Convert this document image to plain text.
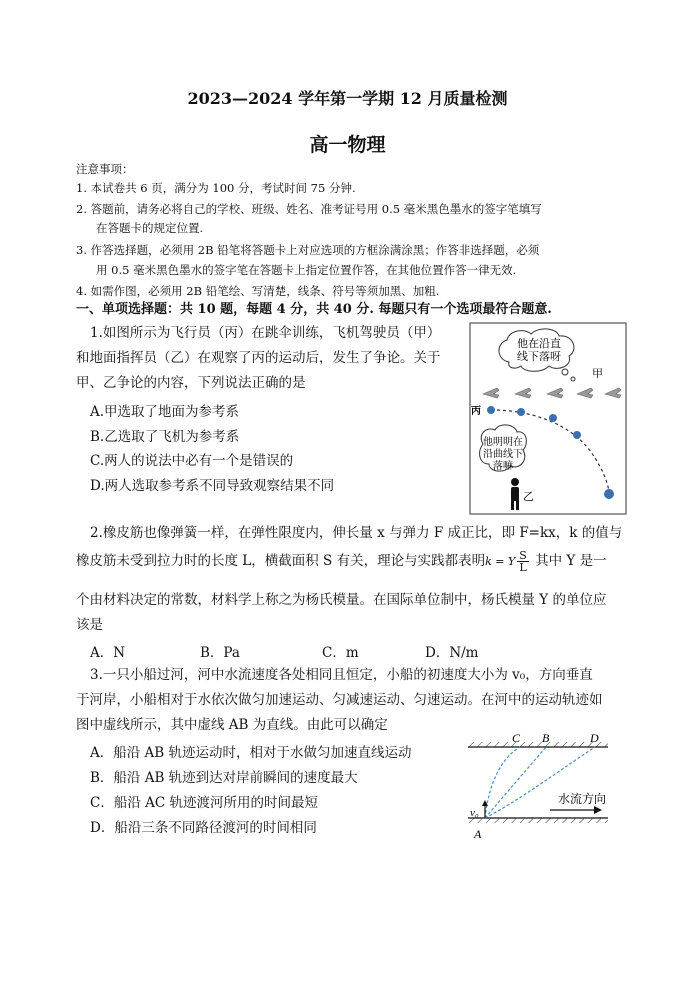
2023—2024 学年第一学期 12 月质量检测
高一物理
注意事项：
1. 本试卷共 6 页，满分为 100 分，考试时间 75 分钟.
2. 答题前，请务必将自己的学校、班级、姓名、准考证号用 0.5 毫米黑色墨水的签字笔填写
在答题卡的规定位置.
3. 作答选择题，必须用 2B 铅笔将答题卡上对应选项的方框涂满涂黑；作答非选择题，必须
用 0.5 毫米黑色墨水的签字笔在答题卡上指定位置作答，在其他位置作答一律无效.
4. 如需作图，必须用 2B 铅笔绘、写清楚，线条、符号等须加黑、加粗.
一、单项选择题：共 10 题，每题 4 分，共 40 分. 每题只有一个选项最符合题意.
1.如图所示为飞行员（丙）在跳伞训练，飞机驾驶员（甲）
和地面指挥员（乙）在观察了丙的运动后，发生了争论。关于
甲、乙争论的内容，下列说法正确的是
A.甲选取了地面为参考系
B.乙选取了飞机为参考系
C.两人的说法中必有一个是错误的
D.两人选取参考系不同导致观察结果不同
他在沿直
线下落呀
甲
丙
他明明在
沿曲线下
落嘛
乙
2.橡皮筋也像弹簧一样，在弹性限度内，伸长量 x 与弹力 F 成正比，即 F=kx，k 的值与
橡皮筋未受到拉力时的长度 L，横截面积 S 有关，理论与实践都表明k = Y $\frac{S}{L}$ 其中 Y 是一
个由材料决定的常数，材料学上称之为杨氏模量。在国际单位制中，杨氏模量 Y 的单位应
该是
A．N	B．Pa	C．m	D．N/m
3.一只小船过河，河中水流速度各处相同且恒定，小船的初速度大小为 v₀，方向垂直
于河岸，小船相对于水依次做匀加速运动、匀减速运动、匀速运动。在河中的运动轨迹如
图中虚线所示，其中虚线 AB 为直线。由此可以确定
A．船沿 AB 轨迹运动时，相对于水做匀加速直线运动
B．船沿 AB 轨迹到达对岸前瞬间的速度最大
C．船沿 AC 轨迹渡河所用的时间最短
D．船沿三条不同路径渡河的时间相同
v₀
C B	D
A
水流方向
